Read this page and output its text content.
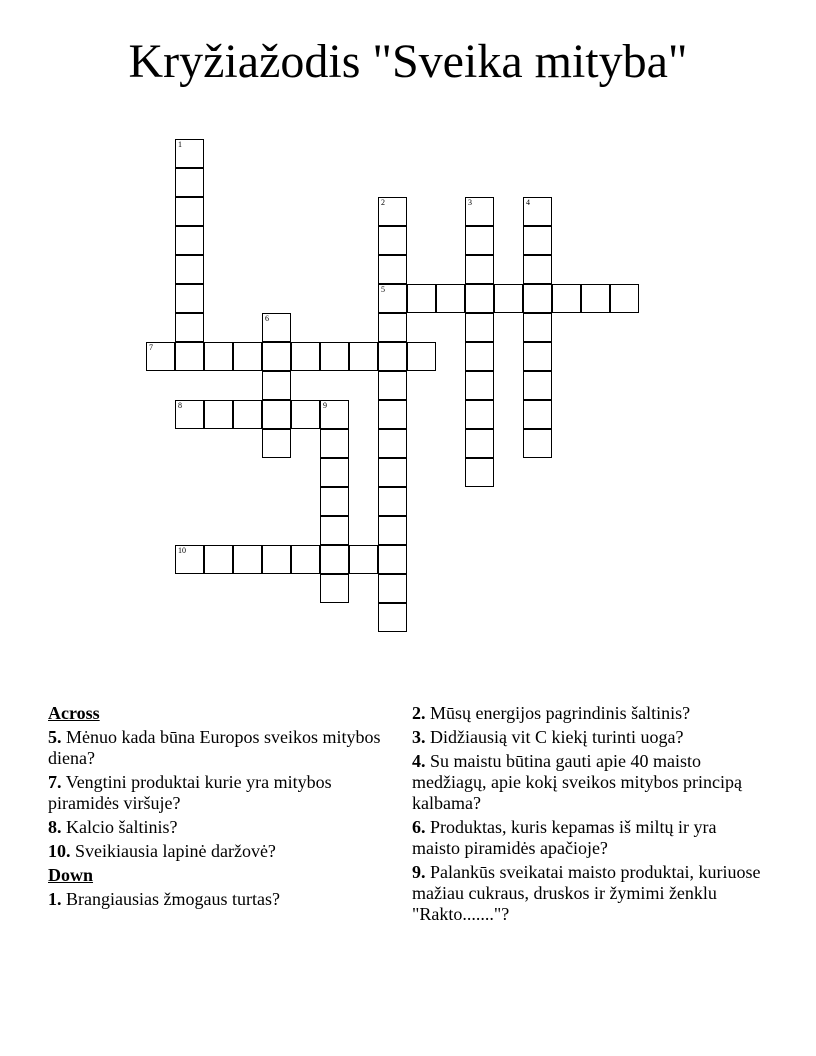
Kryžiažodis "Sveika mityba"
5
7
8	9
10
1
2	3	4
6
Across
5. Mėnuo kada būna Europos sveikos mitybos diena?
7. Vengtini produktai kurie yra mitybos piramidės viršuje?
8. Kalcio šaltinis?
10. Sveikiausia lapinė daržovė?
Down
1. Brangiausias žmogaus turtas?
2. Mūsų energijos pagrindinis šaltinis?
3. Didžiausią vit C kiekį turinti uoga?
4. Su maistu būtina gauti apie 40 maisto medžiagų, apie kokį sveikos mitybos principą kalbama?
6. Produktas, kuris kepamas iš miltų ir yra maisto piramidės apačioje?
9. Palankūs sveikatai maisto produktai, kuriuose mažiau cukraus, druskos ir žymimi ženklu "Rakto......."?
